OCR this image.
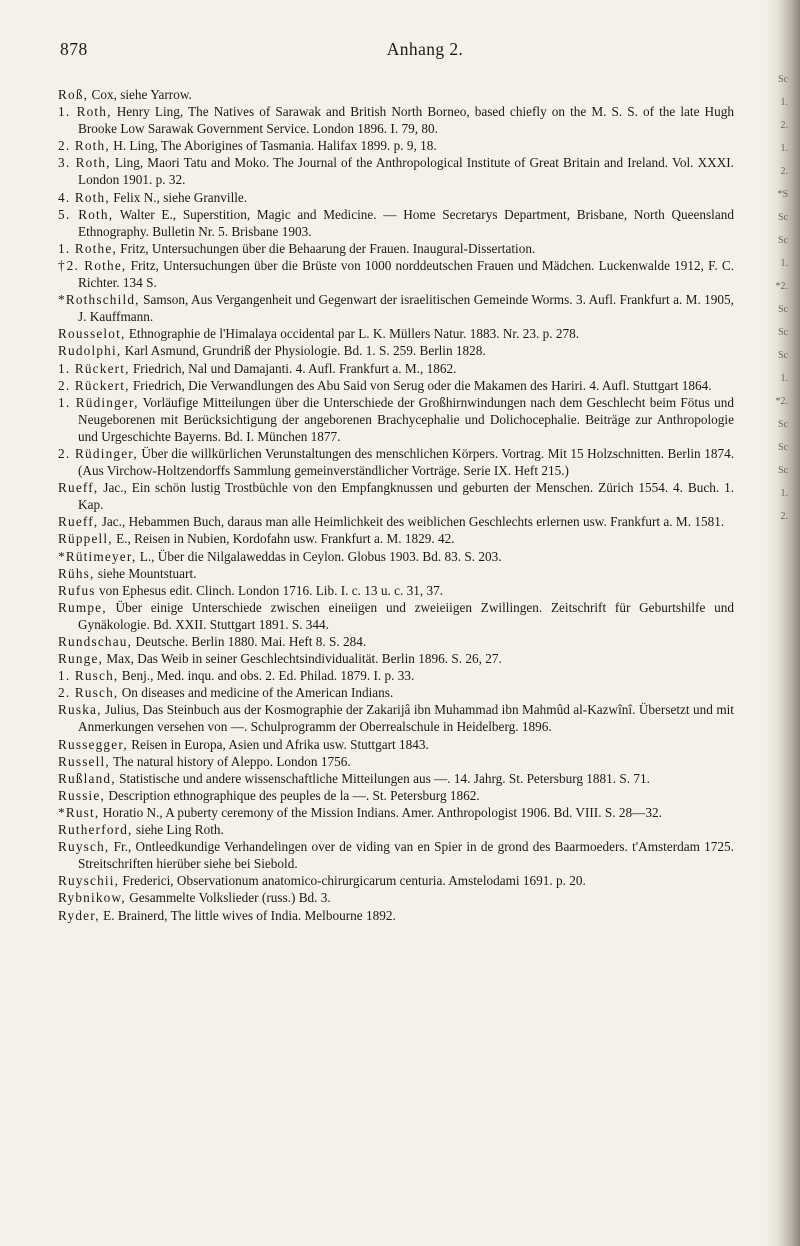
878	Anhang 2.

Roß, Cox, siehe Yarrow.

1. Roth, Henry Ling, The Natives of Sarawak and British North Borneo, based chiefly on the M. S. S. of the late Hugh Brooke Low Sarawak Government Service. London 1896. I. 79, 80.

2. Roth, H. Ling, The Aborigines of Tasmania. Halifax 1899. p. 9, 18.

3. Roth, Ling, Maori Tatu and Moko. The Journal of the Anthropological Institute of Great Britain and Ireland. Vol. XXXI. London 1901. p. 32.

4. Roth, Felix N., siehe Granville.

5. Roth, Walter E., Superstition, Magic and Medicine. — Home Secretarys Department, Brisbane, North Queensland Ethnography. Bulletin Nr. 5. Brisbane 1903.

1. Rothe, Fritz, Untersuchungen über die Behaarung der Frauen. Inaugural-Dissertation.

†2. Rothe, Fritz, Untersuchungen über die Brüste von 1000 norddeutschen Frauen und Mädchen. Luckenwalde 1912, F. C. Richter. 134 S.

*Rothschild, Samson, Aus Vergangenheit und Gegenwart der israelitischen Gemeinde Worms. 3. Aufl. Frankfurt a. M. 1905, J. Kauffmann.

Rousselot, Ethnographie de l'Himalaya occidental par L. K. Müllers Natur. 1883. Nr. 23. p. 278.

Rudolphi, Karl Asmund, Grundriß der Physiologie. Bd. 1. S. 259. Berlin 1828.

1. Rückert, Friedrich, Nal und Damajanti. 4. Aufl. Frankfurt a. M., 1862.

2. Rückert, Friedrich, Die Verwandlungen des Abu Said von Serug oder die Makamen des Hariri. 4. Aufl. Stuttgart 1864.

1. Rüdinger, Vorläufige Mitteilungen über die Unterschiede der Großhirnwindungen nach dem Geschlecht beim Fötus und Neugeborenen mit Berücksichtigung der angeborenen Brachycephalie und Dolichocephalie. Beiträge zur Anthropologie und Urgeschichte Bayerns. Bd. I. München 1877.

2. Rüdinger, Über die willkürlichen Verunstaltungen des menschlichen Körpers. Vortrag. Mit 15 Holzschnitten. Berlin 1874. (Aus Virchow-Holtzendorffs Sammlung gemeinverständlicher Vorträge. Serie IX. Heft 215.)

Rueff, Jac., Ein schön lustig Trostbüchle von den Empfangknussen und geburten der Menschen. Zürich 1554. 4. Buch. 1. Kap.

Rueff, Jac., Hebammen Buch, daraus man alle Heimlichkeit des weiblichen Geschlechts erlernen usw. Frankfurt a. M. 1581.

Rüppell, E., Reisen in Nubien, Kordofahn usw. Frankfurt a. M. 1829. 42.

*Rütimeyer, L., Über die Nilgalaweddas in Ceylon. Globus 1903. Bd. 83. S. 203.

Rühs, siehe Mountstuart.

Rufus von Ephesus edit. Clinch. London 1716. Lib. I. c. 13 u. c. 31, 37.

Rumpe, Über einige Unterschiede zwischen eineiigen und zweieiigen Zwillingen. Zeitschrift für Geburtshilfe und Gynäkologie. Bd. XXII. Stuttgart 1891. S. 344.

Rundschau, Deutsche. Berlin 1880. Mai. Heft 8. S. 284.

Runge, Max, Das Weib in seiner Geschlechtsindividualität. Berlin 1896. S. 26, 27.

1. Rusch, Benj., Med. inqu. and obs. 2. Ed. Philad. 1879. I. p. 33.

2. Rusch, On diseases and medicine of the American Indians.

Ruska, Julius, Das Steinbuch aus der Kosmographie der Zakarijâ ibn Muhammad ibn Mahmûd al-Kazwînî. Übersetzt und mit Anmerkungen versehen von —. Schulprogramm der Oberrealschule in Heidelberg. 1896.

Russegger, Reisen in Europa, Asien und Afrika usw. Stuttgart 1843.

Russell, The natural history of Aleppo. London 1756.

Rußland, Statistische und andere wissenschaftliche Mitteilungen aus —. 14. Jahrg. St. Petersburg 1881. S. 71.

Russie, Description ethnographique des peuples de la —. St. Petersburg 1862.

*Rust, Horatio N., A puberty ceremony of the Mission Indians. Amer. Anthropologist 1906. Bd. VIII. S. 28—32.

Rutherford, siehe Ling Roth.

Ruysch, Fr., Ontleedkundige Verhandelingen over de viding van en Spier in de grond des Baarmoeders. t'Amsterdam 1725. Streitschriften hierüber siehe bei Siebold.

Ruyschii, Frederici, Observationum anatomico-chirurgicarum centuria. Amstelodami 1691. p. 20.

Rybnikow, Gesammelte Volkslieder (russ.) Bd. 3.

Ryder, E. Brainerd, The little wives of India. Melbourne 1892.

Sc
1.
2.
1.
2.
*S
Sc
Sc
1.
*2.
Sc
Sc
Sc
1.
*2.
Sc
Sc
Sc
1.
2.
